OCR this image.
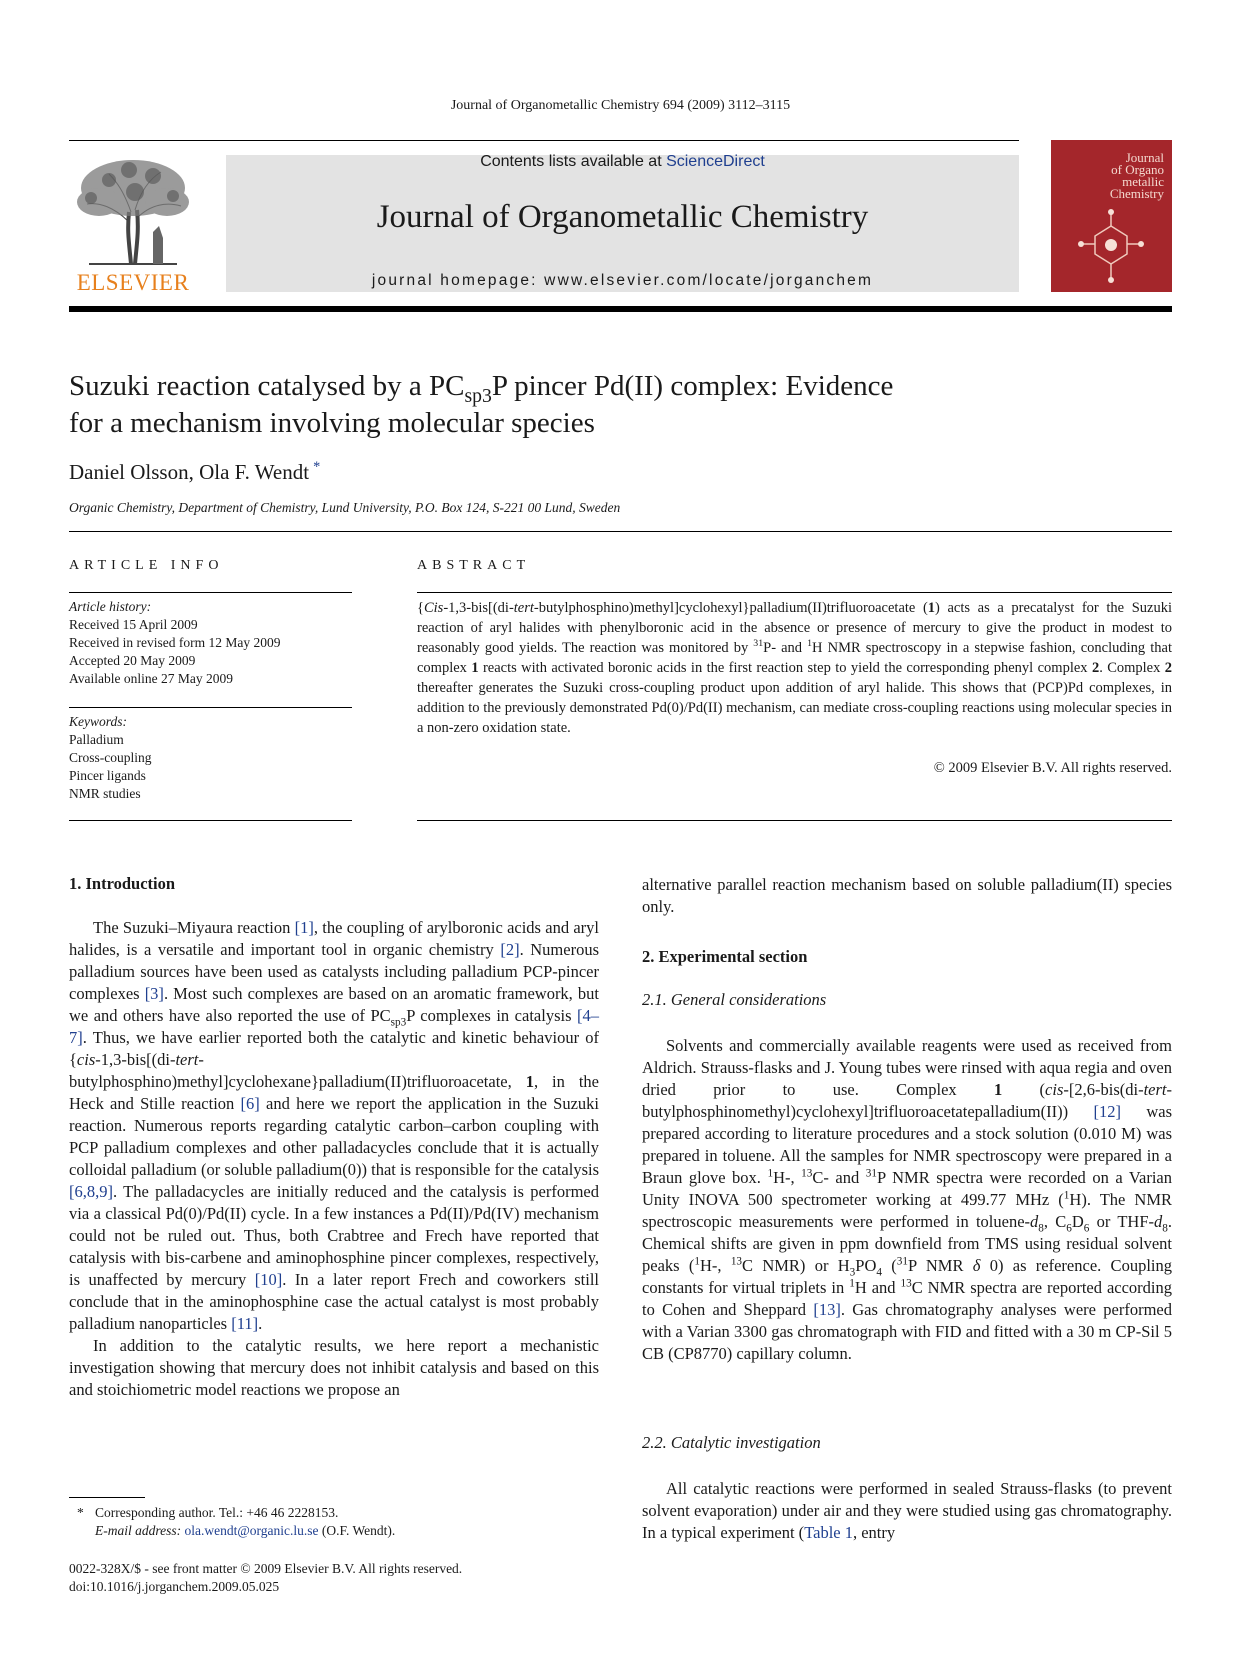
Journal of Organometallic Chemistry 694 (2009) 3112–3115
ELSEVIER
Contents lists available at ScienceDirect
Journal of Organometallic Chemistry
journal homepage: www.elsevier.com/locate/jorganchem
Journal
of Organo
metallic
Chemistry
Suzuki reaction catalysed by a $PC_{sp3}P$ pincer Pd(II) complex: Evidence
for a mechanism involving molecular species
Daniel Olsson, Ola F. Wendt *
Organic Chemistry, Department of Chemistry, Lund University, P.O. Box 124, S-221 00 Lund, Sweden
ARTICLE INFO	ABSTRACT
Article history:
Received 15 April 2009
Received in revised form 12 May 2009
Accepted 20 May 2009
Available online 27 May 2009
Keywords:
Palladium
Cross-coupling
Pincer ligands
NMR studies
{Cis-1,3-bis[(di-tert-butylphosphino)methyl]cyclohexyl}palladium(II)trifluoroacetate (1) acts as a precatalyst for the Suzuki reaction of aryl halides with phenylboronic acid in the absence or presence of mercury to give the product in modest to reasonably good yields. The reaction was monitored by $^{31}$P- and $^1$H NMR spectroscopy in a stepwise fashion, concluding that complex 1 reacts with activated boronic acids in the first reaction step to yield the corresponding phenyl complex 2. Complex 2 thereafter generates the Suzuki cross-coupling product upon addition of aryl halide. This shows that (PCP)Pd complexes, in addition to the previously demonstrated Pd(0)/Pd(II) mechanism, can mediate cross-coupling reactions using molecular species in a non-zero oxidation state.
© 2009 Elsevier B.V. All rights reserved.
1. Introduction

The Suzuki–Miyaura reaction [1], the coupling of arylboronic acids and aryl halides, is a versatile and important tool in organic chemistry [2]. Numerous palladium sources have been used as catalysts including palladium PCP-pincer complexes [3]. Most such complexes are based on an aromatic framework, but we and others have also reported the use of $PC_{sp3}P$ complexes in catalysis [4–7]. Thus, we have earlier reported both the catalytic and kinetic behaviour of {cis-1,3-bis[(di-tert-butylphosphino)methyl]cyclohexane}palladium(II)trifluoroacetate, 1, in the Heck and Stille reaction [6] and here we report the application in the Suzuki reaction. Numerous reports regarding catalytic carbon–carbon coupling with PCP palladium complexes and other palladacycles conclude that it is actually colloidal palladium (or soluble palladium(0)) that is responsible for the catalysis [6,8,9]. The palladacycles are initially reduced and the catalysis is performed via a classical Pd(0)/Pd(II) cycle. In a few instances a Pd(II)/Pd(IV) mechanism could not be ruled out. Thus, both Crabtree and Frech have reported that catalysis with bis-carbene and aminophosphine pincer complexes, respectively, is unaffected by mercury [10]. In a later report Frech and coworkers still conclude that in the aminophosphine case the actual catalyst is most probably palladium nanoparticles [11].

In addition to the catalytic results, we here report a mechanistic investigation showing that mercury does not inhibit catalysis and based on this and stoichiometric model reactions we propose an

* Corresponding author. Tel.: +46 46 2228153.
E-mail address: ola.wendt@organic.lu.se (O.F. Wendt).
0022-328X/$ - see front matter © 2009 Elsevier B.V. All rights reserved.
doi:10.1016/j.jorganchem.2009.05.025
alternative parallel reaction mechanism based on soluble palladium(II) species only.
2. Experimental section
2.1. General considerations

Solvents and commercially available reagents were used as received from Aldrich. Strauss-flasks and J. Young tubes were rinsed with aqua regia and oven dried prior to use. Complex 1 (cis-[2,6-bis(di-tert-butylphosphinomethyl)cyclohexyl]trifluoroacetatepalladium(II)) [12] was prepared according to literature procedures and a stock solution (0.010 M) was prepared in toluene. All the samples for NMR spectroscopy were prepared in a Braun glove box. $^1$H-, $^{13}$C- and $^{31}$P NMR spectra were recorded on a Varian Unity INOVA 500 spectrometer working at 499.77 MHz ($^1$H). The NMR spectroscopic measurements were performed in toluene-$d_8$, $C_6D_6$ or THF-$d_8$. Chemical shifts are given in ppm downfield from TMS using residual solvent peaks ($^1$H-, $^{13}$C NMR) or $H_3PO_4$ ($^{31}$P NMR δ 0) as reference. Coupling constants for virtual triplets in $^1$H and $^{13}$C NMR spectra are reported according to Cohen and Sheppard [13]. Gas chromatography analyses were performed with a Varian 3300 gas chromatograph with FID and fitted with a 30 m CP-Sil 5 CB (CP8770) capillary column.

2.2. Catalytic investigation

All catalytic reactions were performed in sealed Strauss-flasks (to prevent solvent evaporation) under air and they were studied using gas chromatography. In a typical experiment (Table 1, entry
